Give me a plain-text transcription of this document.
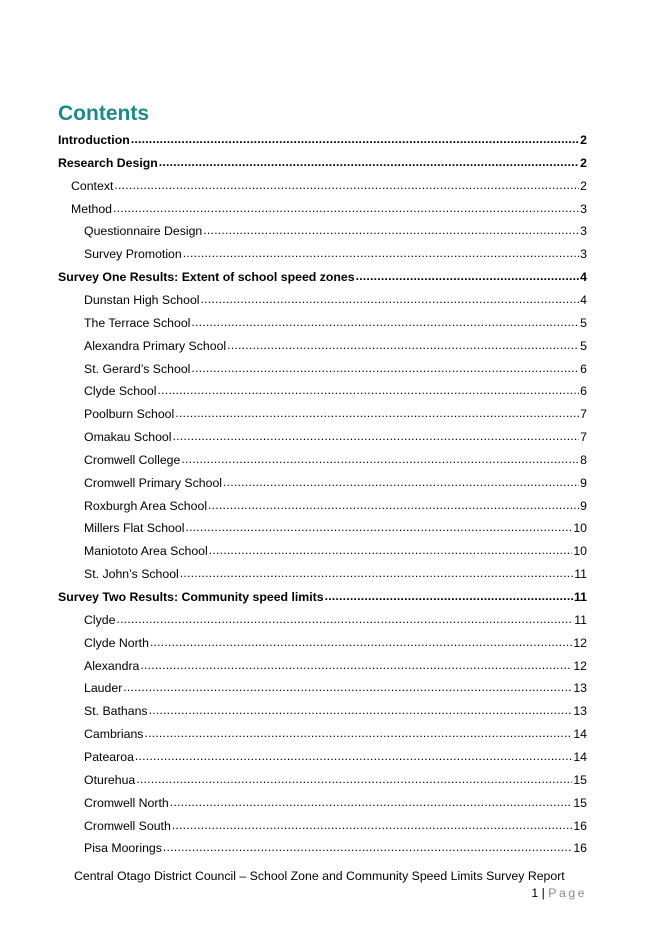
Contents
Introduction .....	2
Research Design .....	2
Context .....	2
Method .....	3
Questionnaire Design .....	3
Survey Promotion .....	3
Survey One Results: Extent of school speed zones .....	4
Dunstan High School .....	4
The Terrace School .....	5
Alexandra Primary School .....	5
St. Gerard’s School .....	6
Clyde School .....	6
Poolburn School .....	7
Omakau School .....	7
Cromwell College .....	8
Cromwell Primary School .....	9
Roxburgh Area School .....	9
Millers Flat School .....	10
Maniototo Area School .....	10
St. John’s School .....	11
Survey Two Results: Community speed limits .....	11
Clyde .....	11
Clyde North .....	12
Alexandra .....	12
Lauder .....	13
St. Bathans .....	13
Cambrians .....	14
Patearoa .....	14
Oturehua .....	15
Cromwell North .....	15
Cromwell South .....	16
Pisa Moorings .....	16
Central Otago District Council – School Zone and Community Speed Limits Survey Report
1 | Page
